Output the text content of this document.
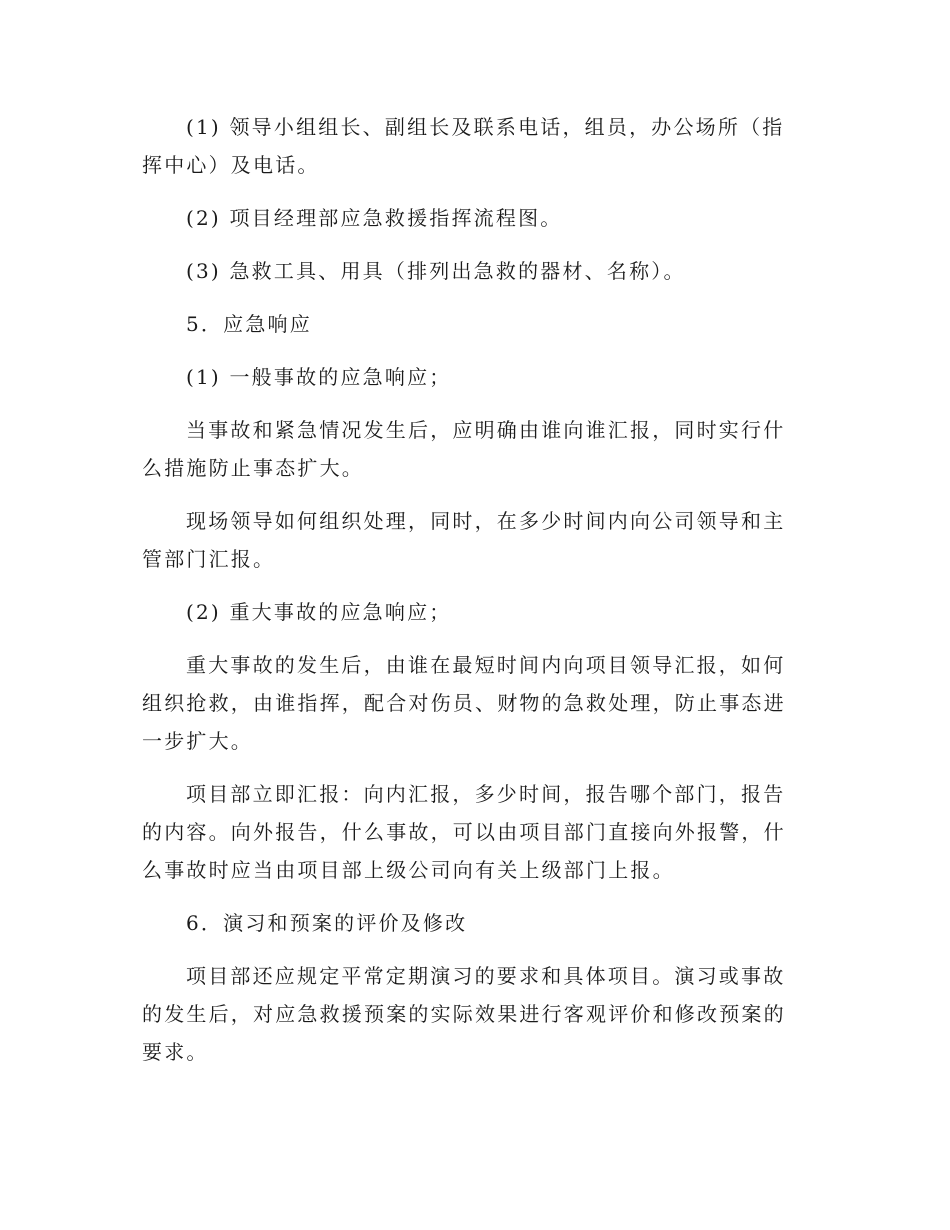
(1) 领导小组组长、副组长及联系电话，组员，办公场所（指挥中心）及电话。

(2) 项目经理部应急救援指挥流程图。

(3) 急救工具、用具（排列出急救的器材、名称）。

5．应急响应

(1) 一般事故的应急响应；

当事故和紧急情况发生后，应明确由谁向谁汇报，同时实行什么措施防止事态扩大。

现场领导如何组织处理，同时，在多少时间内向公司领导和主管部门汇报。

(2) 重大事故的应急响应；

重大事故的发生后，由谁在最短时间内向项目领导汇报，如何组织抢救，由谁指挥，配合对伤员、财物的急救处理，防止事态进一步扩大。

项目部立即汇报：向内汇报，多少时间，报告哪个部门，报告的内容。向外报告，什么事故，可以由项目部门直接向外报警，什么事故时应当由项目部上级公司向有关上级部门上报。

6．演习和预案的评价及修改

项目部还应规定平常定期演习的要求和具体项目。演习或事故的发生后，对应急救援预案的实际效果进行客观评价和修改预案的要求。
